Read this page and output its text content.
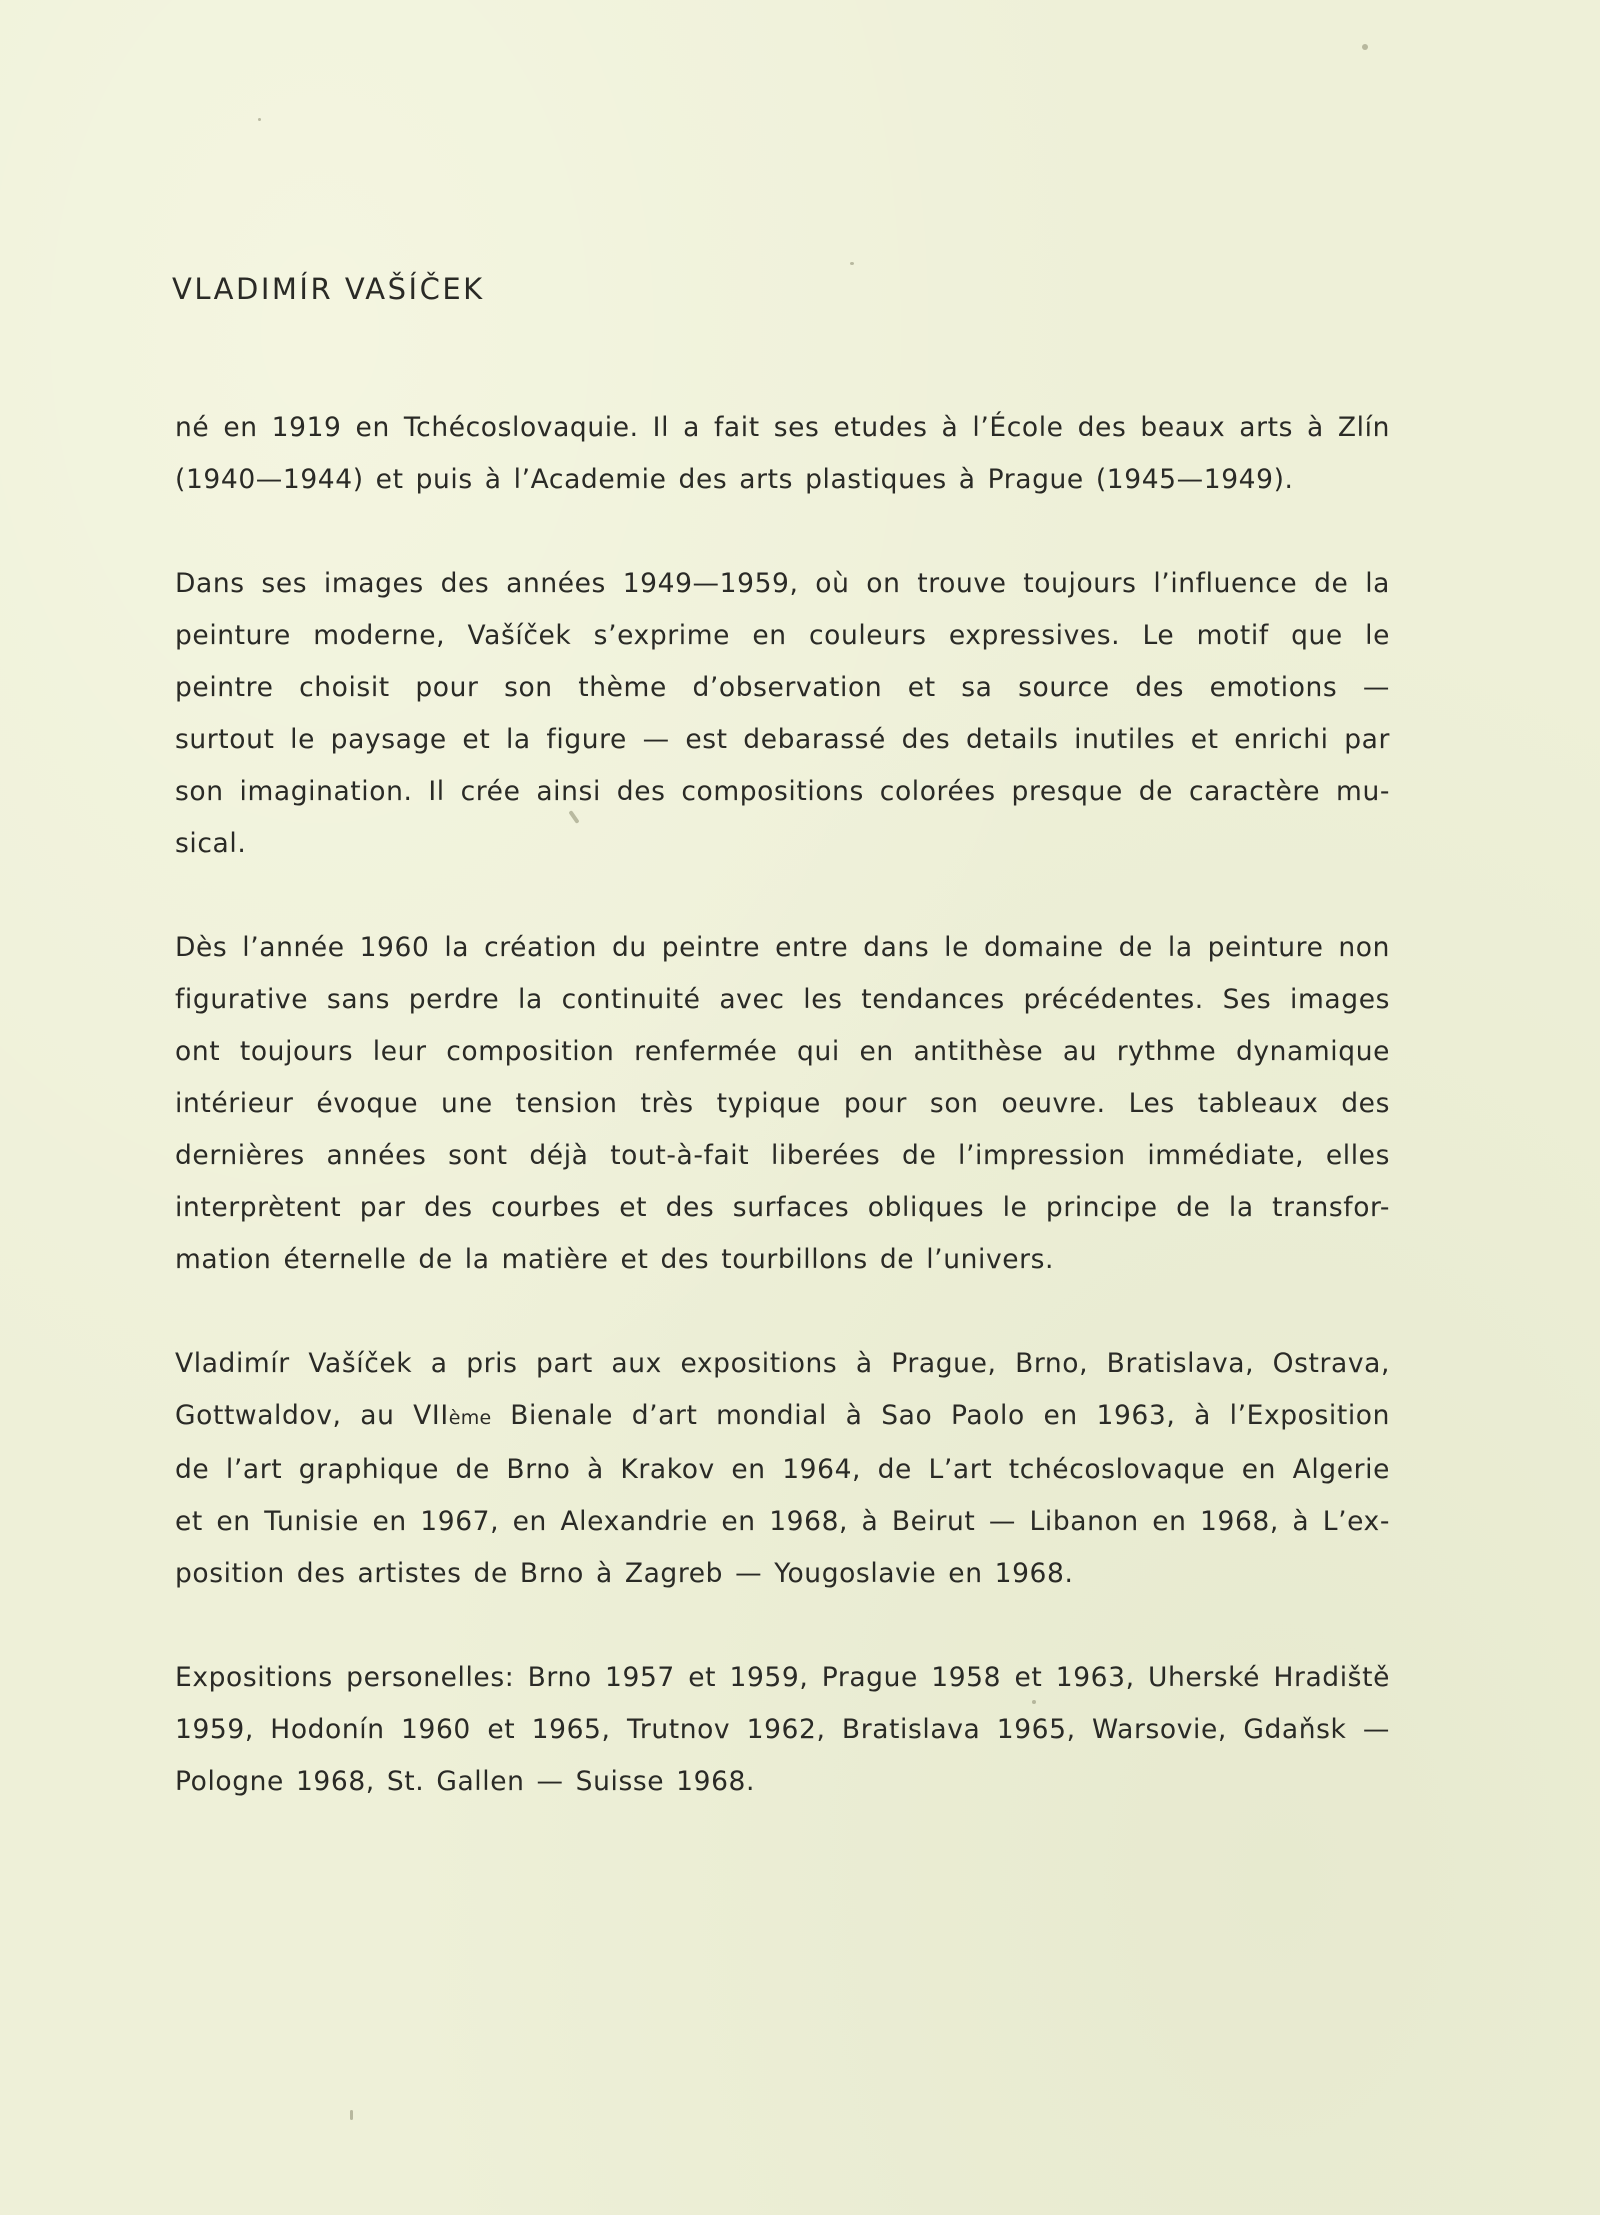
VLADIMÍR VAŠÍČEK

né en 1919 en Tchécoslovaquie. Il a fait ses etudes à l’École des beaux arts à Zlín
(1940—1944) et puis à l’Academie des arts plastiques à Prague (1945—1949).

Dans ses images des années 1949—1959, où on trouve toujours l’influence de la
peinture moderne, Vašíček s’exprime en couleurs expressives. Le motif que le
peintre choisit pour son thème d’observation et sa source des emotions —
surtout le paysage et la figure — est debarassé des details inutiles et enrichi par
son imagination. Il crée ainsi des compositions colorées presque de caractère mu-
sical.

Dès l’année 1960 la création du peintre entre dans le domaine de la peinture non
figurative sans perdre la continuité avec les tendances précédentes. Ses images
ont toujours leur composition renfermée qui en antithèse au rythme dynamique
intérieur évoque une tension très typique pour son oeuvre. Les tableaux des
dernières années sont déjà tout-à-fait liberées de l’impression immédiate, elles
interprètent par des courbes et des surfaces obliques le principe de la transfor-
mation éternelle de la matière et des tourbillons de l’univers.

Vladimír Vašíček a pris part aux expositions à Prague, Brno, Bratislava, Ostrava,
Gottwaldov, au VIIème Bienale d’art mondial à Sao Paolo en 1963, à l’Exposition
de l’art graphique de Brno à Krakov en 1964, de L’art tchécoslovaque en Algerie
et en Tunisie en 1967, en Alexandrie en 1968, à Beirut — Libanon en 1968, à L’ex-
position des artistes de Brno à Zagreb — Yougoslavie en 1968.

Expositions personelles: Brno 1957 et 1959, Prague 1958 et 1963, Uherské Hradiště
1959, Hodonín 1960 et 1965, Trutnov 1962, Bratislava 1965, Warsovie, Gdaňsk —
Pologne 1968, St. Gallen — Suisse 1968.
